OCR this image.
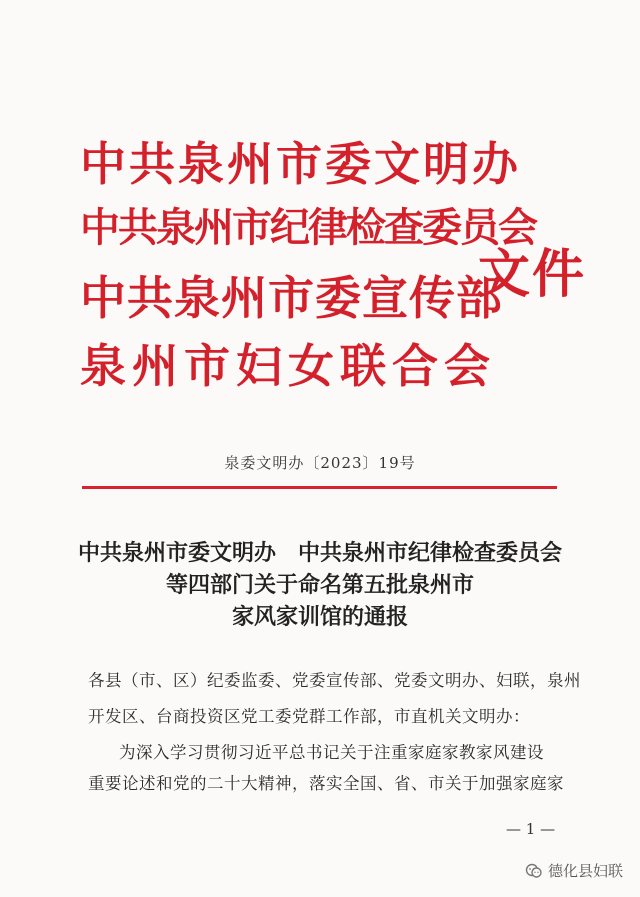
中共泉州市委文明办
中共泉州市纪律检查委员会
中共泉州市委宣传部
泉州市妇女联合会
文件
泉委文明办〔2023〕19号
中共泉州市委文明办　中共泉州市纪律检查委员会
等四部门关于命名第五批泉州市
家风家训馆的通报
各县（市、区）纪委监委、党委宣传部、党委文明办、妇联，泉州
开发区、台商投资区党工委党群工作部，市直机关文明办：
为深入学习贯彻习近平总书记关于注重家庭家教家风建设
重要论述和党的二十大精神，落实全国、省、市关于加强家庭家
— 1 —
德化县妇联
